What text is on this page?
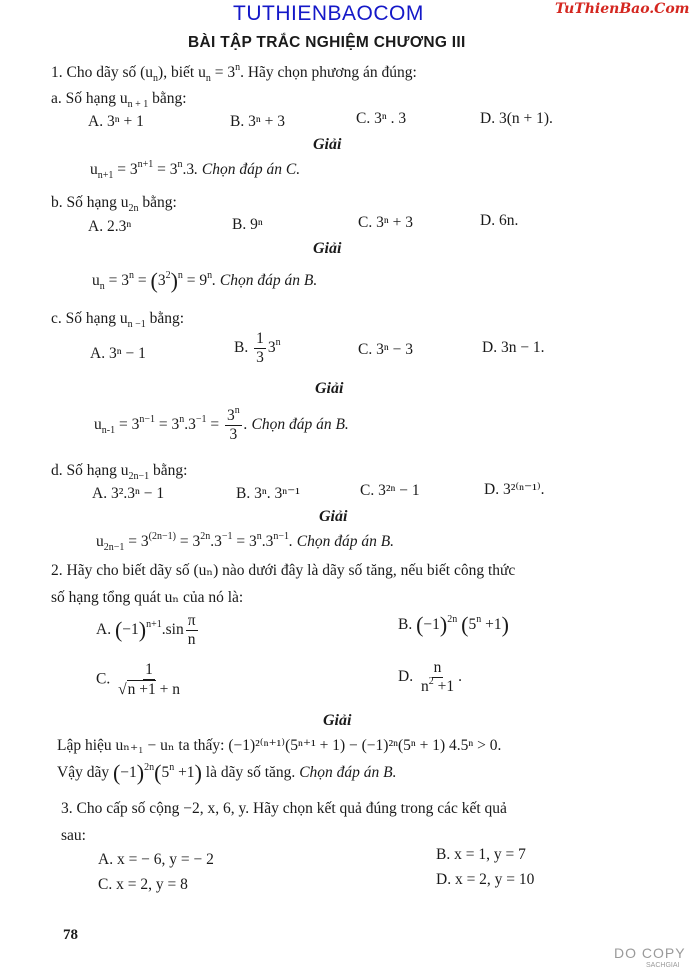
TUTHIENBAOCOM	TuThienBao.Com
BÀI TẬP TRẮC NGHIỆM CHƯƠNG III
1. Cho dãy số $(u_n)$, biết $u_n = 3^n$. Hãy chọn phương án đúng:
a. Số hạng $u_{n + 1}$ bằng:
A. 3ⁿ + 1	B. 3ⁿ + 3	C. 3ⁿ . 3	D. 3(n + 1).
Giải
$u_{n+1} = 3^{n+1} = 3^n.3$. Chọn đáp án C.
b. Số hạng $u_{2n}$ bằng:
A. 2.3ⁿ	B. 9ⁿ	C. 3ⁿ + 3	D. 6n.
Giải
$u_n = 3^n = (3^2)^n = 9^n$. Chọn đáp án B.
c. Số hạng $u_{n -1}$ bằng:
A. 3ⁿ − 1	B. $\frac{1}{3} 3^n$	C. 3ⁿ − 3	D. 3n − 1.
Giải
$u_{n-1} = 3^{n-1} = 3^n.3^{-1} = \frac{3^n}{3}$ . Chọn đáp án B.
d. Số hạng $u_{2n-1}$ bằng:
A. 3².3ⁿ − 1	B. 3ⁿ. 3ⁿ⁻¹	C. 3²ⁿ − 1	D. 3²⁽ⁿ⁻¹⁾.
Giải
$u_{2n-1} = 3^{(2n-1)} = 3^{2n}.3^{-1} = 3^n.3^{n-1}$. Chọn đáp án B.
2. Hãy cho biết dãy số (uₙ) nào dưới đây là dãy số tăng, nếu biết công thức
số hạng tổng quát uₙ của nó là:
A. $(-1)^{n+1}.\sin \frac{\pi}{n}$	B. $(-1)^{2n}$ $(5^n +1)$
C. $\frac{1}{√n +1 + n}$	D. $\frac{n}{n^2 +1}$ .
Giải
Lập hiệu uₙ₊₁ − uₙ ta thấy: (−1)²⁽ⁿ⁺¹⁾(5ⁿ⁺¹ + 1) − (−1)²ⁿ(5ⁿ + 1) 4.5ⁿ > 0.
Vậy dãy $(-1)^{2n}(5^n +1)$ là dãy số tăng. Chọn đáp án B.
3. Cho cấp số cộng −2, x, 6, y. Hãy chọn kết quả đúng trong các kết quả
sau:
A. x = − 6, y = − 2	B. x = 1, y = 7
C. x = 2, y = 8	D. x = 2, y = 10
78
DO COPY
SACHGIAI
